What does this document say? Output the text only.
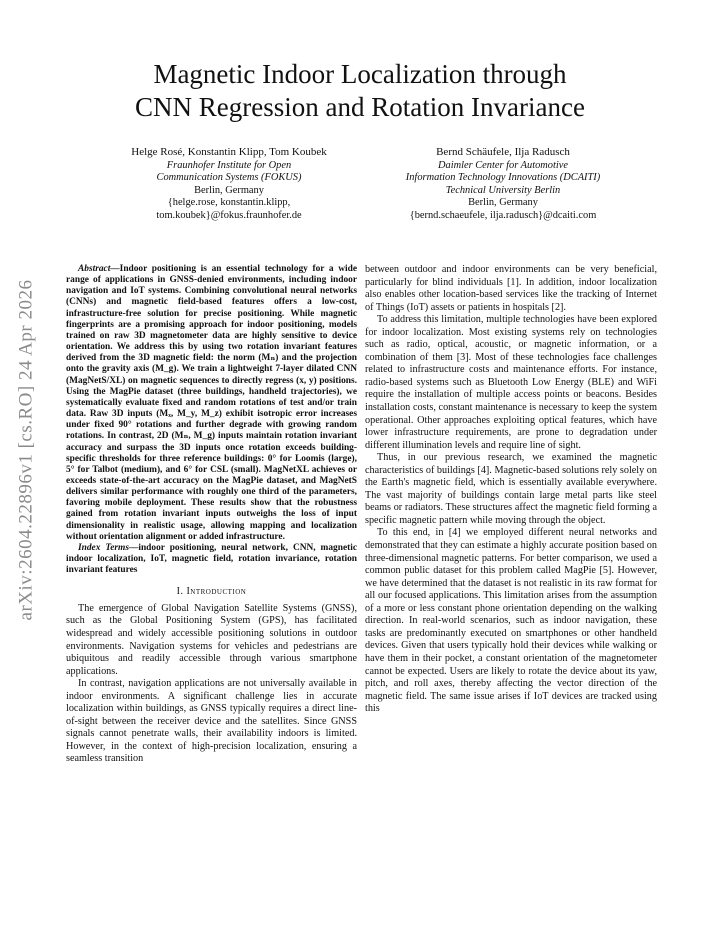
arXiv:2604.22896v1 [cs.RO] 24 Apr 2026
Magnetic Indoor Localization through
CNN Regression and Rotation Invariance
Helge Rosé, Konstantin Klipp, Tom Koubek
Fraunhofer Institute for Open
Communication Systems (FOKUS)
Berlin, Germany
{helge.rose, konstantin.klipp,
tom.koubek}@fokus.fraunhofer.de
Bernd Schäufele, Ilja Radusch
Daimler Center for Automotive
Information Technology Innovations (DCAITI)
Technical University Berlin
Berlin, Germany
{bernd.schaeufele, ilja.radusch}@dcaiti.com

Abstract—Indoor positioning is an essential technology for a wide range of applications in GNSS-denied environments, including indoor navigation and IoT systems. Combining convolutional neural networks (CNNs) and magnetic field-based features offers a low-cost, infrastructure-free solution for precise positioning. While magnetic fingerprints are a promising approach for indoor positioning, models trained on raw 3D magnetometer data are highly sensitive to device orientation. We address this by using two rotation invariant features derived from the 3D magnetic field: the norm (Mₙ) and the projection onto the gravity axis (M_g). We train a lightweight 7-layer dilated CNN (MagNetS/XL) on magnetic sequences to directly regress (x, y) positions. Using the MagPie dataset (three buildings, handheld trajectories), we systematically evaluate fixed and random rotations of test and/or train data. Raw 3D inputs (Mₓ, M_y, M_z) exhibit isotropic error increases under fixed 90° rotations and further degrade with growing random rotations. In contrast, 2D (Mₙ, M_g) inputs maintain rotation invariant accuracy and surpass the 3D inputs once rotation exceeds building-specific thresholds for three reference buildings: 0° for Loomis (large), 5° for Talbot (medium), and 6° for CSL (small). MagNetXL achieves or exceeds state-of-the-art accuracy on the MagPie dataset, and MagNetS delivers similar performance with roughly one third of the parameters, favoring mobile deployment. These results show that the robustness gained from rotation invariant inputs outweighs the loss of input dimensionality in realistic usage, allowing mapping and localization without orientation alignment or added infrastructure.

Index Terms—indoor positioning, neural network, CNN, magnetic indoor localization, IoT, magnetic field, rotation invariance, rotation invariant features

I. Introduction

The emergence of Global Navigation Satellite Systems (GNSS), such as the Global Positioning System (GPS), has facilitated widespread and widely accessible positioning solutions in outdoor environments. Navigation systems for vehicles and pedestrians are ubiquitous and readily accessible through various smartphone applications.

In contrast, navigation applications are not universally available in indoor environments. A significant challenge lies in accurate localization within buildings, as GNSS typically requires a direct line-of-sight between the receiver device and the satellites. Since GNSS signals cannot penetrate walls, their availability indoors is limited. However, in the context of high-precision localization, ensuring a seamless transition

between outdoor and indoor environments can be very beneficial, particularly for blind individuals [1]. In addition, indoor localization also enables other location-based services like the tracking of Internet of Things (IoT) assets or patients in hospitals [2].

To address this limitation, multiple technologies have been explored for indoor localization. Most existing systems rely on technologies such as radio, optical, acoustic, or magnetic information, or a combination of them [3]. Most of these technologies face challenges related to infrastructure costs and maintenance efforts. For instance, radio-based systems such as Bluetooth Low Energy (BLE) and WiFi require the installation of multiple access points or beacons. Besides installation costs, constant maintenance is necessary to keep the system operational. Other approaches exploiting optical features, which have lower infrastructure requirements, are prone to degradation under different illumination levels and require line of sight.

Thus, in our previous research, we examined the magnetic characteristics of buildings [4]. Magnetic-based solutions rely solely on the Earth's magnetic field, which is essentially available everywhere. The vast majority of buildings contain large metal parts like steel beams or radiators. These structures affect the magnetic field forming a specific magnetic pattern while moving through the object.

To this end, in [4] we employed different neural networks and demonstrated that they can estimate a highly accurate position based on three-dimensional magnetic patterns. For better comparison, we used a common public dataset for this problem called MagPie [5]. However, we have determined that the dataset is not realistic in its raw format for all our focused applications. This limitation arises from the assumption of a more or less constant phone orientation depending on the walking direction. In real-world scenarios, such as indoor navigation, these tasks are predominantly executed on smartphones or other handheld devices. Given that users typically hold their devices while walking or have them in their pocket, a constant orientation of the magnetometer cannot be expected. Users are likely to rotate the device about its yaw, pitch, and roll axes, thereby affecting the vector direction of the magnetic field. The same issue arises if IoT devices are tracked using this
